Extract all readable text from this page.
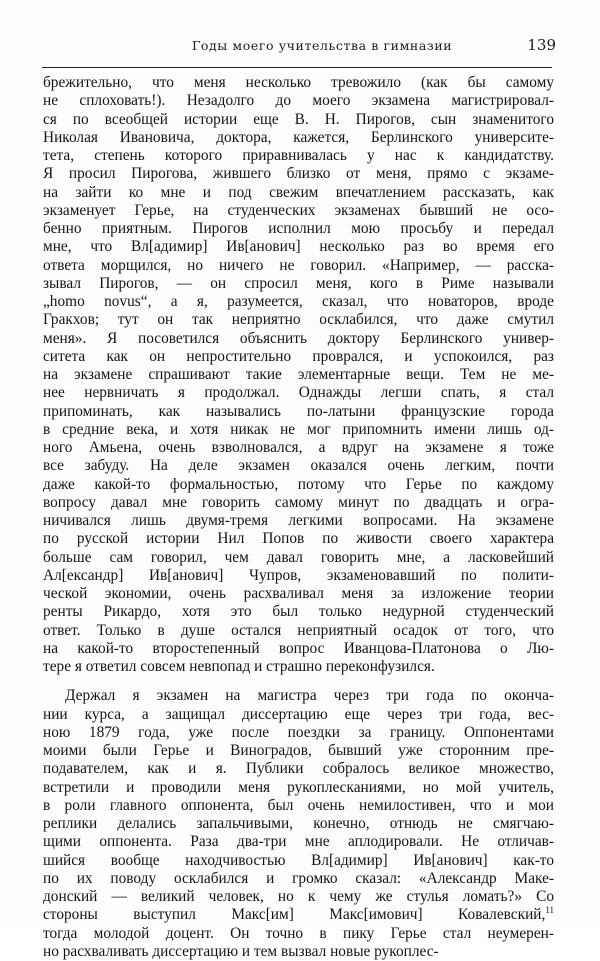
Годы моего учительства в гимназии	139
брежительно, что меня несколько тревожило (как бы самому
не сплоховать!). Незадолго до моего экзамена магистрировал-
ся по всеобщей истории еще В. Н. Пирогов, сын знаменитого
Николая Ивановича, доктора, кажется, Берлинского университе-
тета, степень которого приравнивалась у нас к кандидатству.
Я просил Пирогова, жившего близко от меня, прямо с экзаме-
на зайти ко мне и под свежим впечатлением рассказать, как
экзаменует Герье, на студенческих экзаменах бывший не осо-
бенно приятным. Пирогов исполнил мою просьбу и передал
мне, что Вл[адимир] Ив[анович] несколько раз во время его
ответа морщился, но ничего не говорил. «Например, — расска-
зывал Пирогов, — он спросил меня, кого в Риме называли
„homo novus“, а я, разумеется, сказал, что новаторов, вроде
Гракхов; тут он так неприятно осклабился, что даже смутил
меня». Я посоветился объяснить доктору Берлинского универ-
ситета как он непростительно проврался, и успокоился, раз
на экзамене спрашивают такие элементарные вещи. Тем не ме-
нее нервничать я продолжал. Однажды легши спать, я стал
припоминать, как назывались по-латыни французские города
в средние века, и хотя никак не мог припомнить имени лишь од-
ного Амьена, очень взволновался, а вдруг на экзамене я тоже
все забуду. На деле экзамен оказался очень легким, почти
даже какой-то формальностью, потому что Герье по каждому
вопросу давал мне говорить самому минут по двадцать и огра-
ничивался лишь двумя-тремя легкими вопросами. На экзамене
по русской истории Нил Попов по живости своего характера
больше сам говорил, чем давал говорить мне, а ласковейший
Ал[ександр] Ив[анович] Чупров, экзаменовавший по полити-
ческой экономии, очень расхваливал меня за изложение теории
ренты Рикардо, хотя это был только недурной студенческий
ответ. Только в душе остался неприятный осадок от того, что
на какой-то второстепенный вопрос Иванцова-Платонова о Лю-
тере я ответил совсем невпопад и страшно переконфузился.
Держал я экзамен на магистра через три года по оконча-
нии курса, а защищал диссертацию еще через три года, вес-
ною 1879 года, уже после поездки за границу. Оппонентами
моими были Герье и Виноградов, бывший уже сторонним пре-
подавателем, как и я. Публики собралось великое множество,
встретили и проводили меня рукоплесканиями, но мой учитель,
в роли главного оппонента, был очень немилостивен, что и мои
реплики делались запальчивыми, конечно, отнюдь не смягчаю-
щими оппонента. Раза два-три мне аплодировали. Не отличав-
шийся вообще находчивостью Вл[адимир] Ив[анович] как-то
по их поводу осклабился и громко сказал: «Александр Маке-
донский — великий человек, но к чему же стулья ломать?» Со
стороны выступил Макс[им] Макс[имович] Ковалевский,$^{11}$
тогда молодой доцент. Он точно в пику Герье стал неумерен-
но расхваливать диссертацию и тем вызвал новые рукоплес-
